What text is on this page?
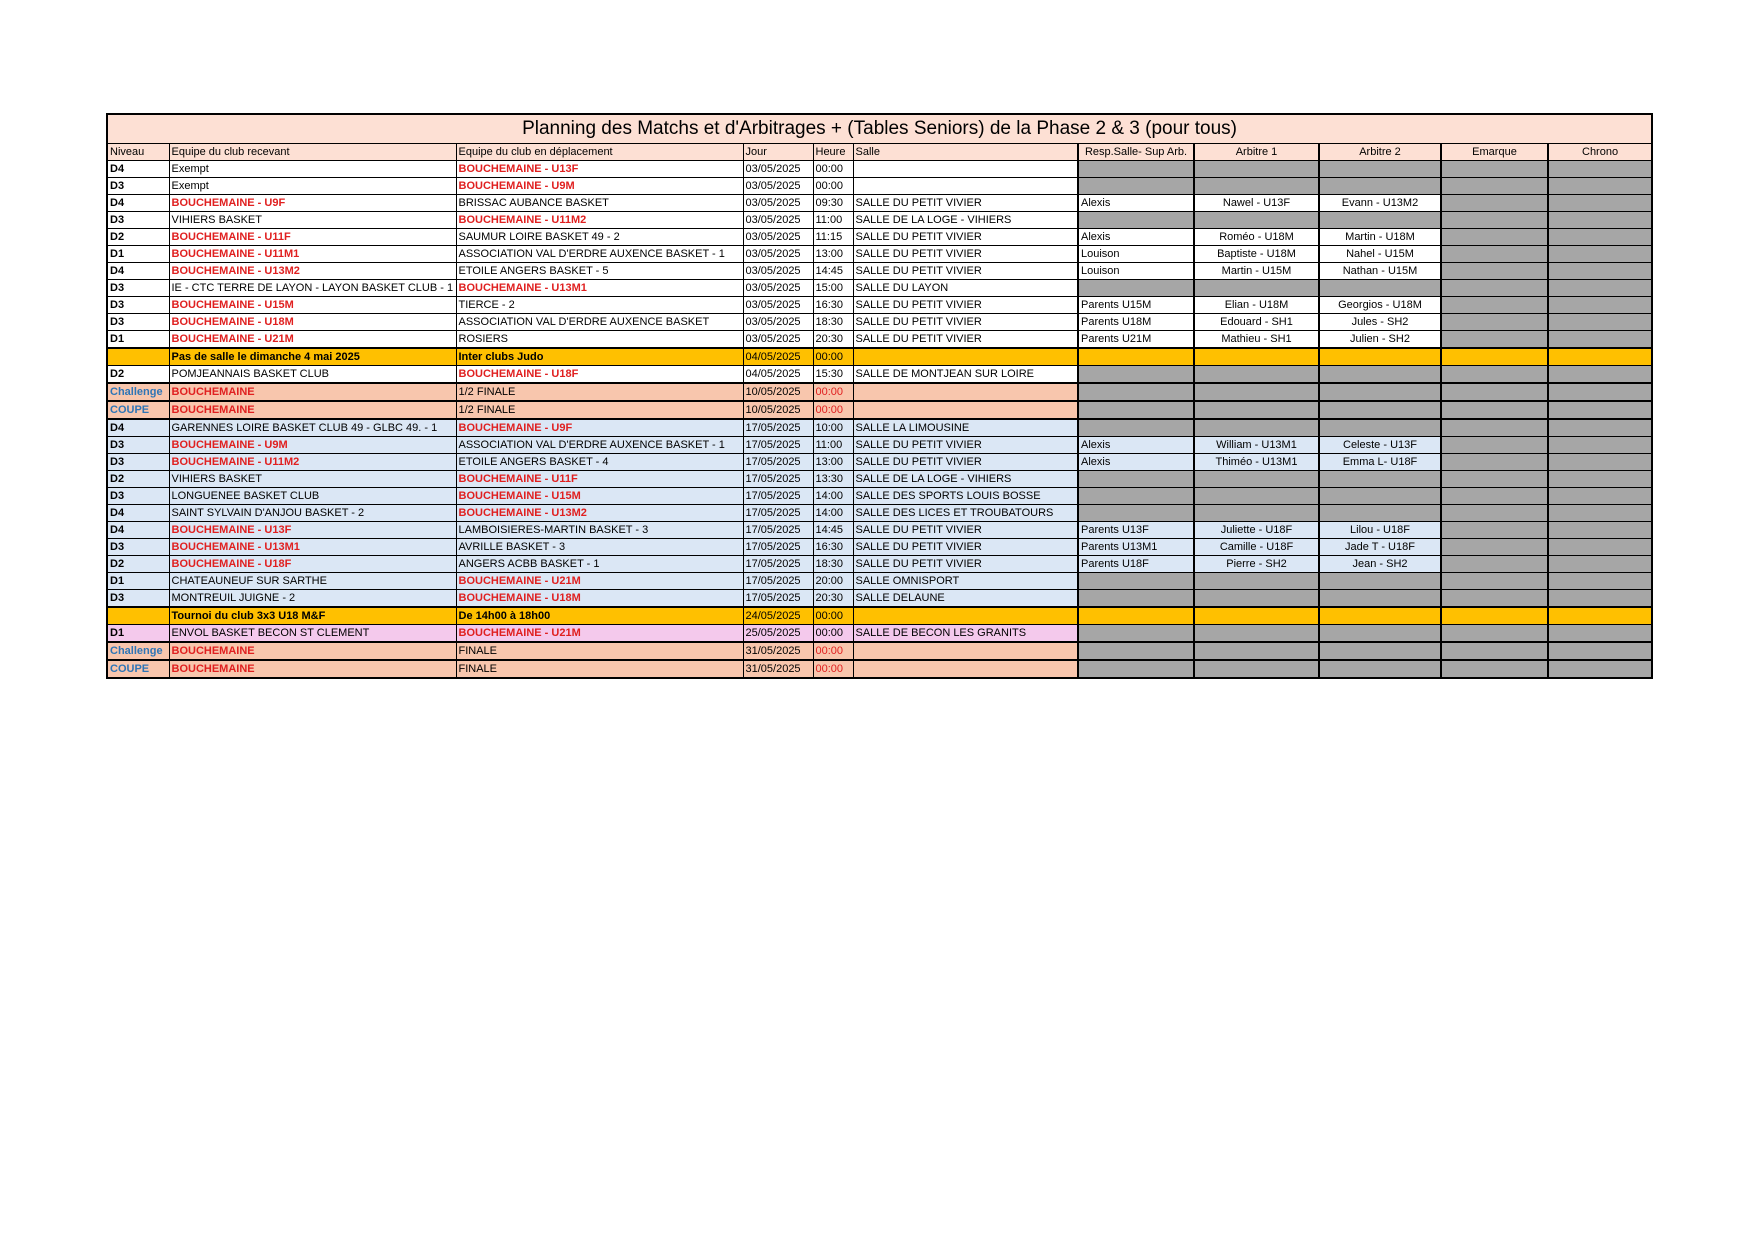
Planning des Matchs et d'Arbitrages + (Tables Seniors) de la Phase 2 & 3 (pour tous)										
Niveau	Equipe du club recevant	Equipe du club en déplacement	Jour	Heure	Salle	Resp.Salle- Sup Arb.	Arbitre 1	Arbitre 2	Emarque	Chrono
D4	Exempt	BOUCHEMAINE - U13F	03/05/2025	00:00						
D3	Exempt	BOUCHEMAINE - U9M	03/05/2025	00:00						
D4	BOUCHEMAINE - U9F	BRISSAC AUBANCE BASKET	03/05/2025	09:30	SALLE DU PETIT VIVIER	Alexis	Nawel - U13F	Evann - U13M2		
D3	VIHIERS BASKET	BOUCHEMAINE - U11M2	03/05/2025	11:00	SALLE DE LA LOGE - VIHIERS					
D2	BOUCHEMAINE - U11F	SAUMUR LOIRE BASKET 49 - 2	03/05/2025	11:15	SALLE DU PETIT VIVIER	Alexis	Roméo - U18M	Martin - U18M		
D1	BOUCHEMAINE - U11M1	ASSOCIATION VAL D'ERDRE AUXENCE BASKET - 1	03/05/2025	13:00	SALLE DU PETIT VIVIER	Louison	Baptiste - U18M	Nahel - U15M		
D4	BOUCHEMAINE - U13M2	ETOILE ANGERS BASKET - 5	03/05/2025	14:45	SALLE DU PETIT VIVIER	Louison	Martin - U15M	Nathan - U15M		
D3	IE - CTC TERRE DE LAYON - LAYON BASKET CLUB - 1	BOUCHEMAINE - U13M1	03/05/2025	15:00	SALLE DU LAYON					
D3	BOUCHEMAINE - U15M	TIERCE - 2	03/05/2025	16:30	SALLE DU PETIT VIVIER	Parents U15M	Elian - U18M	Georgios - U18M		
D3	BOUCHEMAINE - U18M	ASSOCIATION VAL D'ERDRE AUXENCE BASKET	03/05/2025	18:30	SALLE DU PETIT VIVIER	Parents U18M	Edouard - SH1	Jules - SH2		
D1	BOUCHEMAINE - U21M	ROSIERS	03/05/2025	20:30	SALLE DU PETIT VIVIER	Parents U21M	Mathieu - SH1	Julien - SH2		
	Pas de salle le dimanche 4 mai 2025	Inter clubs Judo	04/05/2025	00:00						
D2	POMJEANNAIS BASKET CLUB	BOUCHEMAINE - U18F	04/05/2025	15:30	SALLE DE MONTJEAN SUR LOIRE					
Challenge	BOUCHEMAINE	1/2 FINALE	10/05/2025	00:00						
COUPE	BOUCHEMAINE	1/2 FINALE	10/05/2025	00:00						
D4	GARENNES LOIRE BASKET CLUB 49 - GLBC 49. - 1	BOUCHEMAINE - U9F	17/05/2025	10:00	SALLE LA LIMOUSINE					
D3	BOUCHEMAINE - U9M	ASSOCIATION VAL D'ERDRE AUXENCE BASKET - 1	17/05/2025	11:00	SALLE DU PETIT VIVIER	Alexis	William - U13M1	Celeste - U13F		
D3	BOUCHEMAINE - U11M2	ETOILE ANGERS BASKET - 4	17/05/2025	13:00	SALLE DU PETIT VIVIER	Alexis	Thiméo - U13M1	Emma L- U18F		
D2	VIHIERS BASKET	BOUCHEMAINE - U11F	17/05/2025	13:30	SALLE DE LA LOGE - VIHIERS					
D3	LONGUENEE BASKET CLUB	BOUCHEMAINE - U15M	17/05/2025	14:00	SALLE DES SPORTS LOUIS BOSSE					
D4	SAINT SYLVAIN D'ANJOU BASKET - 2	BOUCHEMAINE - U13M2	17/05/2025	14:00	SALLE DES LICES ET TROUBATOURS					
D4	BOUCHEMAINE - U13F	LAMBOISIERES-MARTIN BASKET - 3	17/05/2025	14:45	SALLE DU PETIT VIVIER	Parents U13F	Juliette - U18F	Lilou - U18F		
D3	BOUCHEMAINE - U13M1	AVRILLE BASKET - 3	17/05/2025	16:30	SALLE DU PETIT VIVIER	Parents U13M1	Camille - U18F	Jade T - U18F		
D2	BOUCHEMAINE - U18F	ANGERS ACBB BASKET - 1	17/05/2025	18:30	SALLE DU PETIT VIVIER	Parents U18F	Pierre - SH2	Jean - SH2		
D1	CHATEAUNEUF SUR SARTHE	BOUCHEMAINE - U21M	17/05/2025	20:00	SALLE OMNISPORT					
D3	MONTREUIL JUIGNE - 2	BOUCHEMAINE - U18M	17/05/2025	20:30	SALLE DELAUNE					
	Tournoi du club 3x3 U18 M&F	De 14h00 à 18h00	24/05/2025	00:00						
D1	ENVOL BASKET BECON ST CLEMENT	BOUCHEMAINE - U21M	25/05/2025	00:00	SALLE DE BECON LES GRANITS					
Challenge	BOUCHEMAINE	FINALE	31/05/2025	00:00						
COUPE	BOUCHEMAINE	FINALE	31/05/2025	00:00						
